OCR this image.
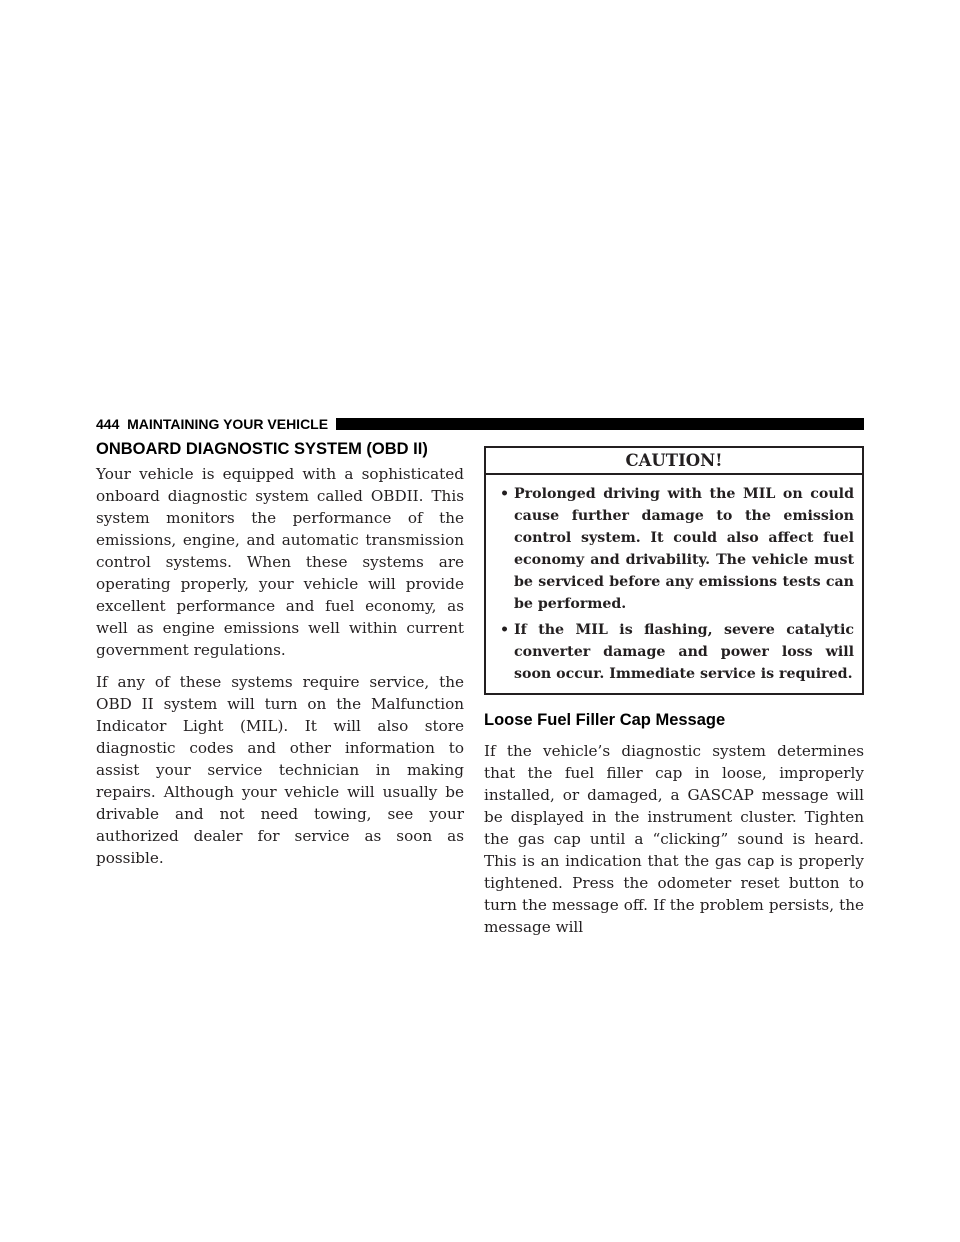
444 MAINTAINING YOUR VEHICLE
ONBOARD DIAGNOSTIC SYSTEM (OBD II)

Your vehicle is equipped with a sophisticated onboard diagnostic system called OBDII. This system monitors the performance of the emissions, engine, and automatic transmission control systems. When these systems are operating properly, your vehicle will provide excellent performance and fuel economy, as well as engine emissions well within current government regulations.

If any of these systems require service, the OBD II system will turn on the Malfunction Indicator Light (MIL). It will also store diagnostic codes and other information to assist your service technician in making repairs. Although your vehicle will usually be drivable and not need towing, see your authorized dealer for service as soon as possible.

CAUTION!
• Prolonged driving with the MIL on could cause further damage to the emission control system. It could also affect fuel economy and drivability. The vehicle must be serviced before any emissions tests can be performed.
• If the MIL is flashing, severe catalytic converter damage and power loss will soon occur. Immediate service is required.
Loose Fuel Filler Cap Message

If the vehicle’s diagnostic system determines that the fuel filler cap in loose, improperly installed, or damaged, a GASCAP message will be displayed in the instrument cluster. Tighten the gas cap until a “clicking” sound is heard. This is an indication that the gas cap is properly tightened. Press the odometer reset button to turn the message off. If the problem persists, the message will
